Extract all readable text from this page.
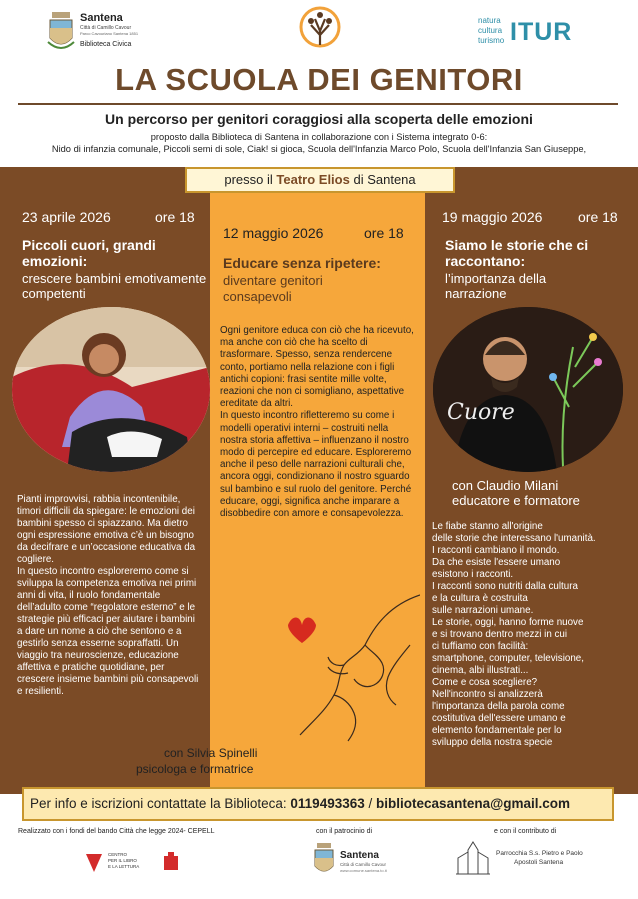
Santena
Città di Camillo Cavour
Parco Cavouriano Santena 1851
Biblioteca Civica
natura
cultura
turismo ITUR
LA SCUOLA DEI GENITORI
Un percorso per genitori coraggiosi alla scoperta delle emozioni
proposto dalla Biblioteca di Santena in collaborazione con i Sistema integrato 0-6:
Nido di infanzia comunale, Piccoli semi di sole, Ciak! si gioca, Scuola dell'Infanzia Marco Polo, Scuola dell'Infanzia San Giuseppe,
presso il Teatro Elios di Santena
23 aprile 2026	ore 18
Piccoli cuori, grandi emozioni:
crescere bambini emotivamente competenti
Pianti improvvisi, rabbia incontenibile, timori difficili da spiegare: le emozioni dei bambini spesso ci spiazzano. Ma dietro ogni espressione emotiva c’è un bisogno da decifrare e un’occasione educativa da cogliere.
In questo incontro esploreremo come si sviluppa la competenza emotiva nei primi anni di vita, il ruolo fondamentale dell’adulto come “regolatore esterno” e le strategie più efficaci per aiutare i bambini a dare un nome a ciò che sentono e a gestirlo senza esserne sopraffatti. Un viaggio tra neuroscienze, educazione affettiva e pratiche quotidiane, per crescere insieme bambini più consapevoli e resilienti.
con Silvia Spinelli
psicologa e formatrice
12 maggio 2026	ore 18
Educare senza ripetere:
diventare genitori consapevoli
Ogni genitore educa con ciò che ha ricevuto, ma anche con ciò che ha scelto di trasformare. Spesso, senza rendercene conto, portiamo nella relazione con i figli antichi copioni: frasi sentite mille volte, reazioni che non ci somigliano, aspettative ereditate da altri.
In questo incontro rifletteremo su come i modelli operativi interni – costruiti nella nostra storia affettiva – influenzano il nostro modo di percepire ed educare. Esploreremo anche il peso delle narrazioni culturali che, ancora oggi, condizionano il nostro sguardo sul bambino e sul ruolo del genitore. Perché educare, oggi, significa anche imparare a disobbedire con amore e consapevolezza.
19 maggio 2026	ore 18
Siamo le storie che ci raccontano:
l’importanza della narrazione
Cuore
con Claudio Milani
educatore e formatore
Le fiabe stanno all'origine
delle storie che interessano l'umanità.
I racconti cambiano il mondo.
Da che esiste l'essere umano
esistono i racconti.
I racconti sono nutriti dalla cultura
e la cultura è costruita
sulle narrazioni umane.
Le storie, oggi, hanno forme nuove
e si trovano dentro mezzi in cui
ci tuffiamo con facilità:
smartphone, computer, televisione,
cinema, albi illustrati...
Come e cosa scegliere?
Nell'incontro si analizzerà
l'importanza della parola come
costitutiva dell'essere umano e
elemento fondamentale per lo
sviluppo della nostra specie
Per info e iscrizioni contattate la Biblioteca: 0119493363 / bibliotecasantena@gmail.com
Realizzato con i fondi del bando Città che legge 2024- CEPELL	con il patrocinio di	e con il contributo di
CENTRO
PER IL LIBRO
E LA LETTURA
Santena
Città di Camillo Cavour
www.comune.santena.to.it
Parrocchia S.s. Pietro e Paolo
Apostoli Santena
